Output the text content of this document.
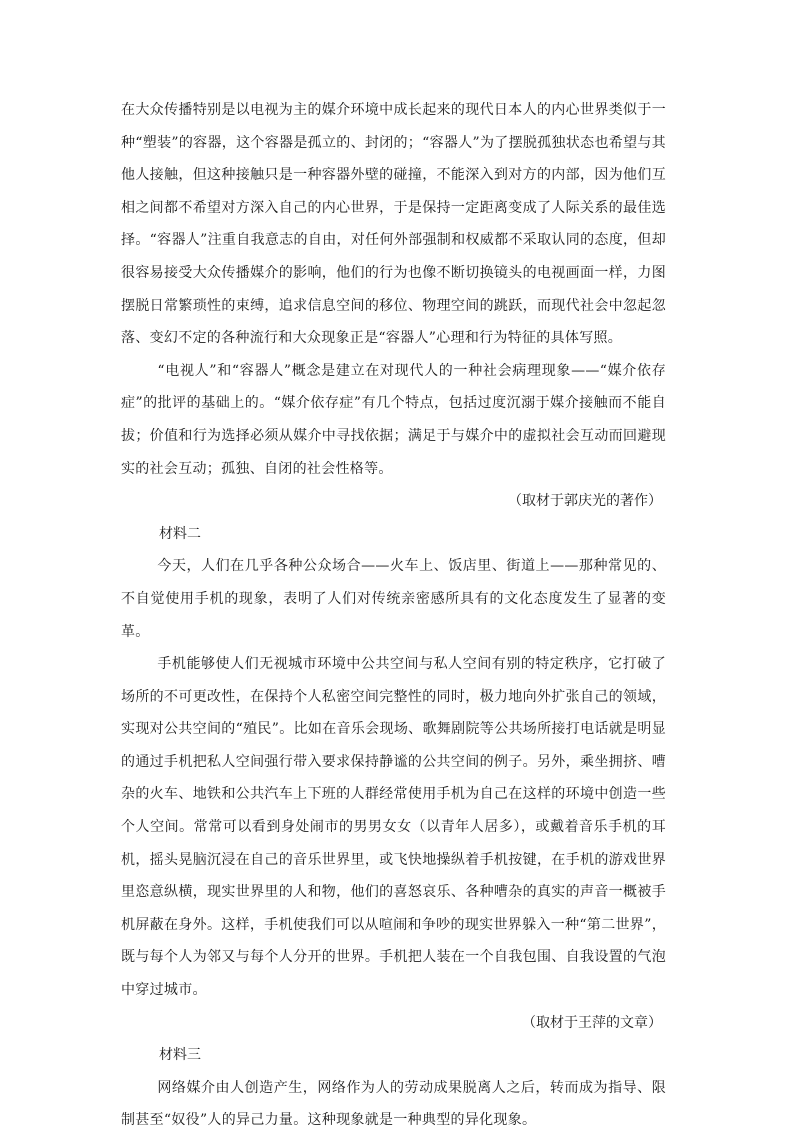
在大众传播特别是以电视为主的媒介环境中成长起来的现代日本人的内心世界类似于一种“塑装”的容器，这个容器是孤立的、封闭的；“容器人”为了摆脱孤独状态也希望与其他人接触，但这种接触只是一种容器外壁的碰撞，不能深入到对方的内部，因为他们互相之间都不希望对方深入自己的内心世界，于是保持一定距离变成了人际关系的最佳选择。“容器人”注重自我意志的自由，对任何外部强制和权威都不采取认同的态度，但却很容易接受大众传播媒介的影响，他们的行为也像不断切换镜头的电视画面一样，力图摆脱日常繁琐性的束缚，追求信息空间的移位、物理空间的跳跃，而现代社会中忽起忽落、变幻不定的各种流行和大众现象正是“容器人”心理和行为特征的具体写照。

“电视人”和“容器人”概念是建立在对现代人的一种社会病理现象——“媒介依存症”的批评的基础上的。“媒介依存症”有几个特点，包括过度沉溺于媒介接触而不能自拔；价值和行为选择必须从媒介中寻找依据；满足于与媒介中的虚拟社会互动而回避现实的社会互动；孤独、自闭的社会性格等。

（取材于郭庆光的著作）

材料二

今天，人们在几乎各种公众场合——火车上、饭店里、街道上——那种常见的、不自觉使用手机的现象，表明了人们对传统亲密感所具有的文化态度发生了显著的变革。

手机能够使人们无视城市环境中公共空间与私人空间有别的特定秩序，它打破了场所的不可更改性，在保持个人私密空间完整性的同时，极力地向外扩张自己的领域，实现对公共空间的“殖民”。比如在音乐会现场、歌舞剧院等公共场所接打电话就是明显的通过手机把私人空间强行带入要求保持静谧的公共空间的例子。另外，乘坐拥挤、嘈杂的火车、地铁和公共汽车上下班的人群经常使用手机为自己在这样的环境中创造一些个人空间。常常可以看到身处闹市的男男女女（以青年人居多），或戴着音乐手机的耳机，摇头晃脑沉浸在自己的音乐世界里，或飞快地操纵着手机按键，在手机的游戏世界里恣意纵横，现实世界里的人和物，他们的喜怒哀乐、各种嘈杂的真实的声音一概被手机屏蔽在身外。这样，手机使我们可以从喧闹和争吵的现实世界躲入一种“第二世界”，既与每个人为邻又与每个人分开的世界。手机把人装在一个自我包围、自我设置的气泡中穿过城市。

（取材于王萍的文章）

材料三

网络媒介由人创造产生，网络作为人的劳动成果脱离人之后，转而成为指导、限制甚至“奴役”人的异己力量。这种现象就是一种典型的异化现象。
